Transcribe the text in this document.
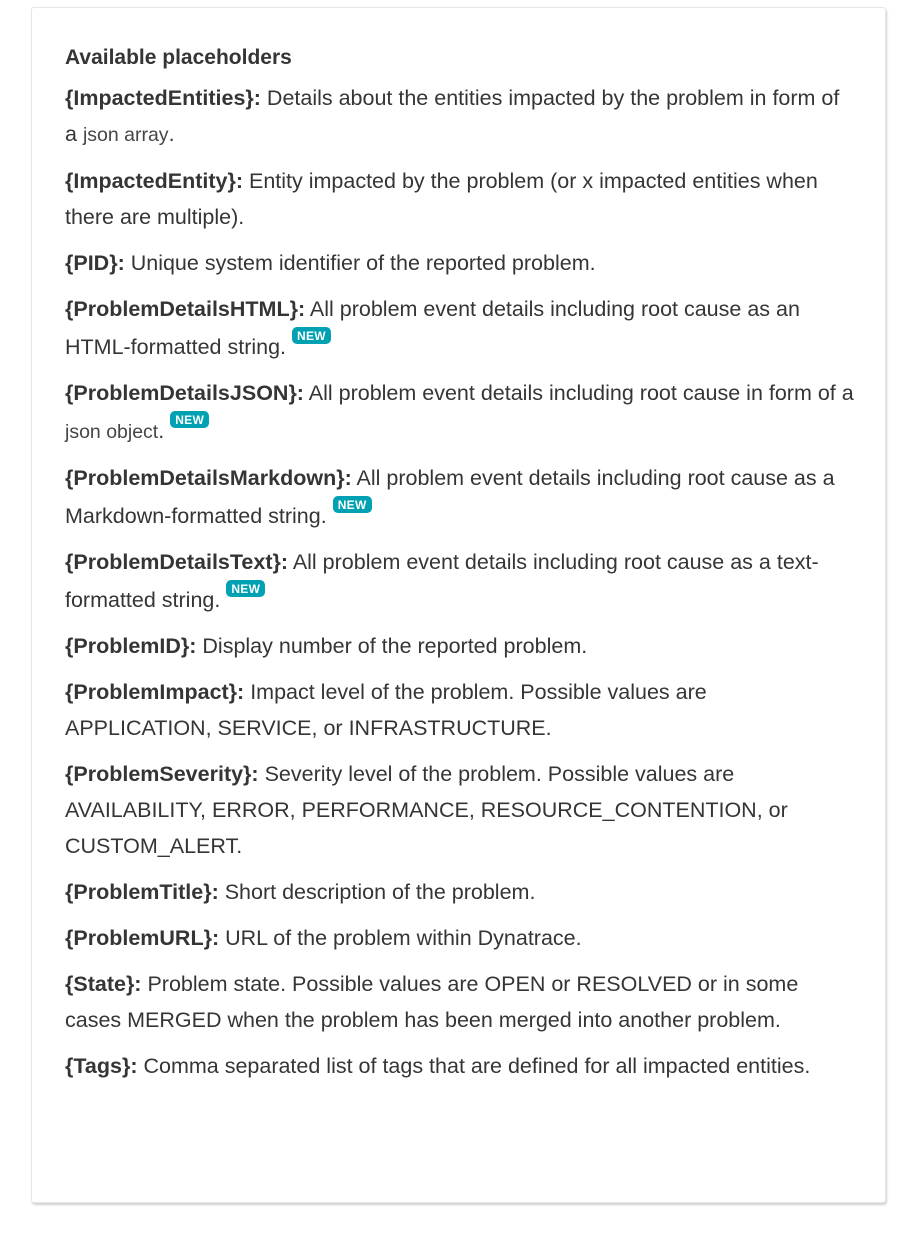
Available placeholders
{ImpactedEntities}: Details about the entities impacted by the problem in form of a json array.
{ImpactedEntity}: Entity impacted by the problem (or x impacted entities when there are multiple).
{PID}: Unique system identifier of the reported problem.
{ProblemDetailsHTML}: All problem event details including root cause as an HTML-formatted string. NEW
{ProblemDetailsJSON}: All problem event details including root cause in form of a json object. NEW
{ProblemDetailsMarkdown}: All problem event details including root cause as a Markdown-formatted string. NEW
{ProblemDetailsText}: All problem event details including root cause as a text-formatted string. NEW
{ProblemID}: Display number of the reported problem.
{ProblemImpact}: Impact level of the problem. Possible values are APPLICATION, SERVICE, or INFRASTRUCTURE.
{ProblemSeverity}: Severity level of the problem. Possible values are AVAILABILITY, ERROR, PERFORMANCE, RESOURCE_CONTENTION, or CUSTOM_ALERT.
{ProblemTitle}: Short description of the problem.
{ProblemURL}: URL of the problem within Dynatrace.
{State}: Problem state. Possible values are OPEN or RESOLVED or in some cases MERGED when the problem has been merged into another problem.
{Tags}: Comma separated list of tags that are defined for all impacted entities.
